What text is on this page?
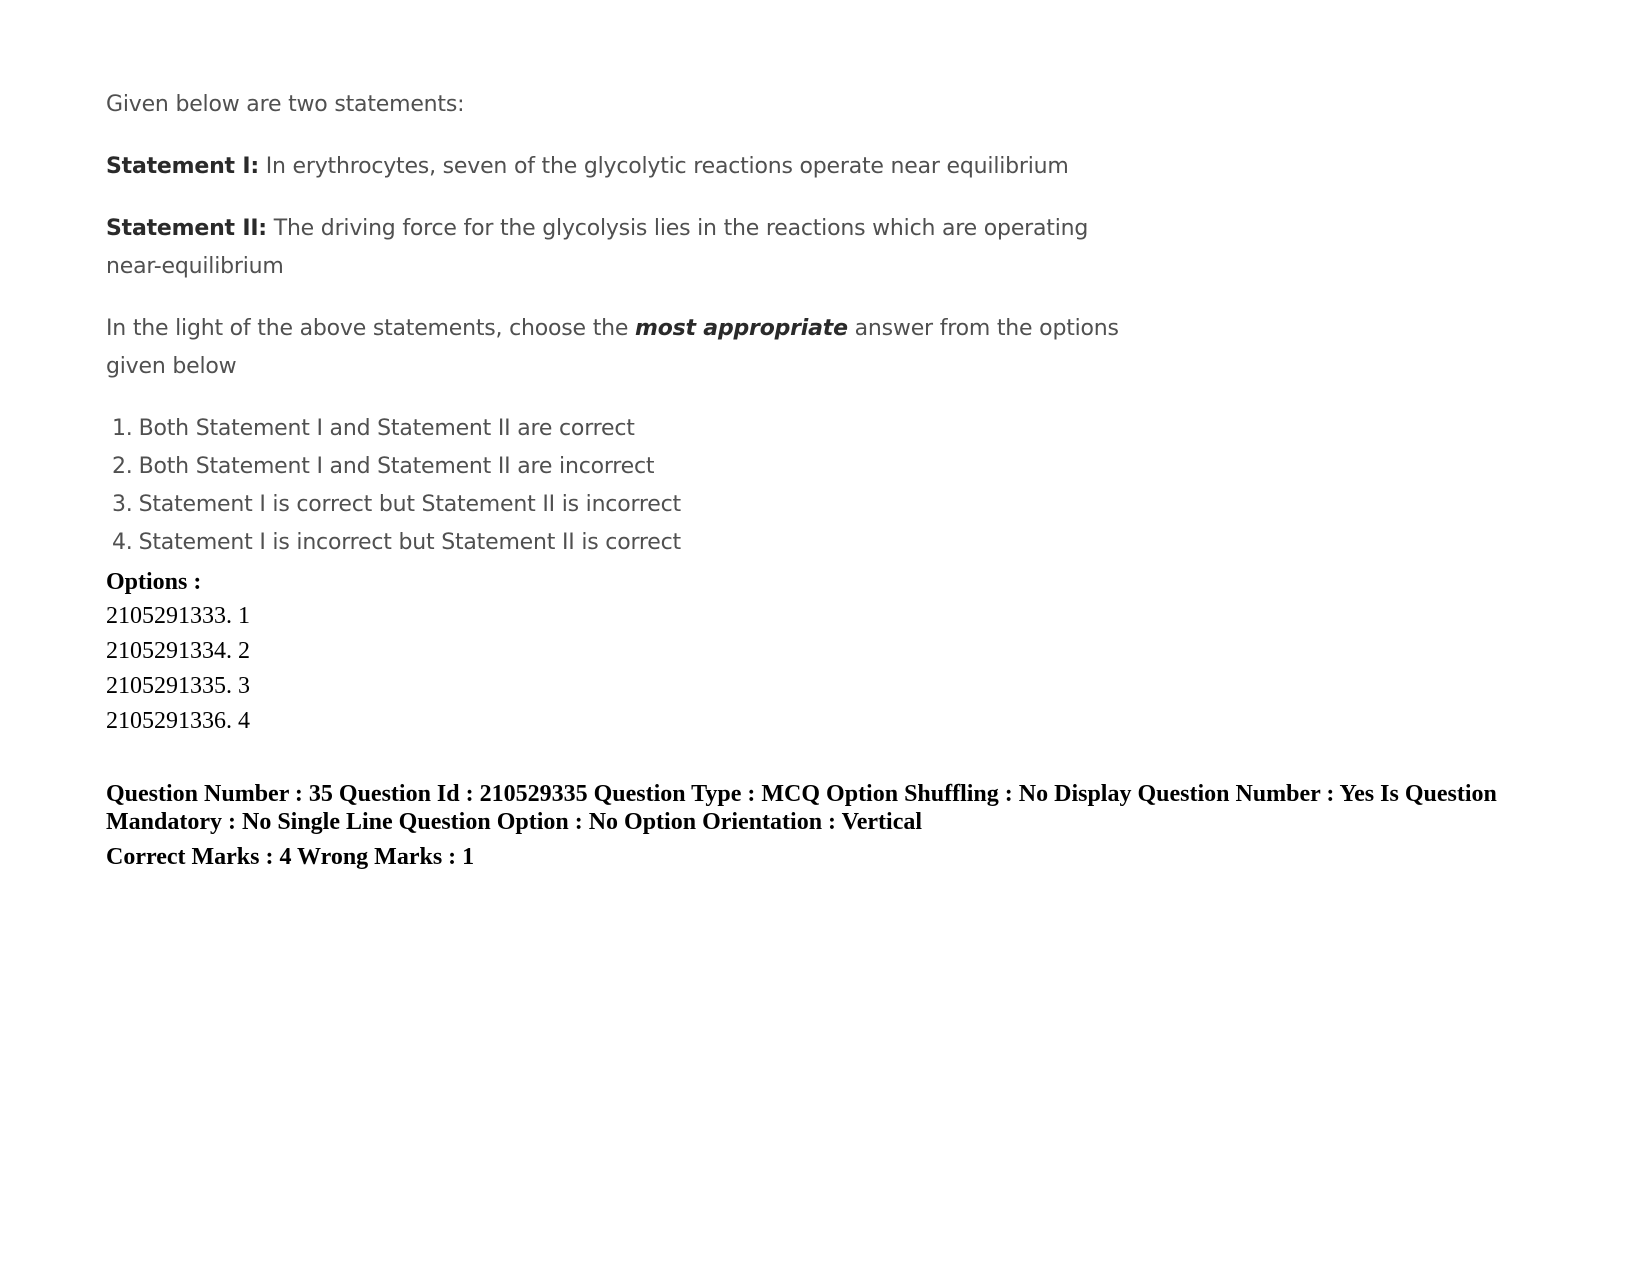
Given below are two statements:

Statement I: In erythrocytes, seven of the glycolytic reactions operate near equilibrium

Statement II: The driving force for the glycolysis lies in the reactions which are operating

near-equilibrium

In the light of the above statements, choose the most appropriate answer from the options

given below

1. Both Statement I and Statement II are correct
2. Both Statement I and Statement II are incorrect
3. Statement I is correct but Statement II is incorrect
4. Statement I is incorrect but Statement II is correct

Options :

2105291333. 1

2105291334. 2

2105291335. 3

2105291336. 4

Question Number : 35 Question Id : 210529335 Question Type : MCQ Option Shuffling : No Display Question Number : Yes Is Question

Mandatory : No Single Line Question Option : No Option Orientation : Vertical

Correct Marks : 4 Wrong Marks : 1
